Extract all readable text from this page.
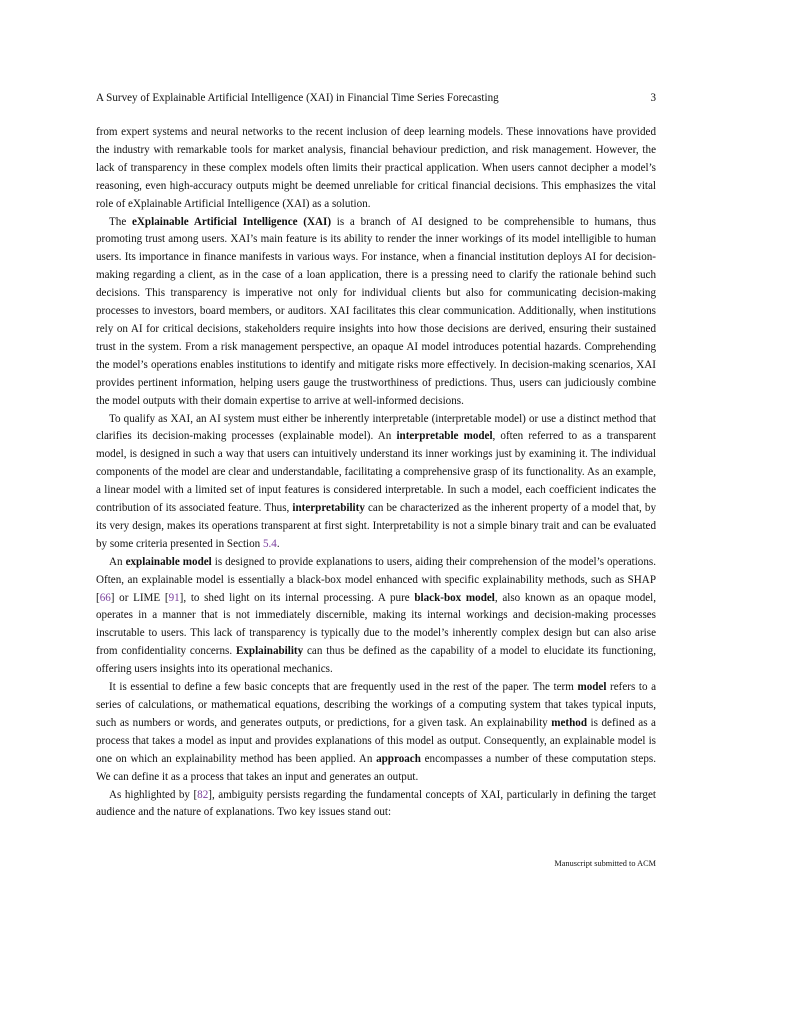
A Survey of Explainable Artificial Intelligence (XAI) in Financial Time Series Forecasting	3

from expert systems and neural networks to the recent inclusion of deep learning models. These innovations have provided the industry with remarkable tools for market analysis, financial behaviour prediction, and risk management. However, the lack of transparency in these complex models often limits their practical application. When users cannot decipher a model’s reasoning, even high-accuracy outputs might be deemed unreliable for critical financial decisions. This emphasizes the vital role of eXplainable Artificial Intelligence (XAI) as a solution.

The eXplainable Artificial Intelligence (XAI) is a branch of AI designed to be comprehensible to humans, thus promoting trust among users. XAI’s main feature is its ability to render the inner workings of its model intelligible to human users. Its importance in finance manifests in various ways. For instance, when a financial institution deploys AI for decision-making regarding a client, as in the case of a loan application, there is a pressing need to clarify the rationale behind such decisions. This transparency is imperative not only for individual clients but also for communicating decision-making processes to investors, board members, or auditors. XAI facilitates this clear communication. Additionally, when institutions rely on AI for critical decisions, stakeholders require insights into how those decisions are derived, ensuring their sustained trust in the system. From a risk management perspective, an opaque AI model introduces potential hazards. Comprehending the model’s operations enables institutions to identify and mitigate risks more effectively. In decision-making scenarios, XAI provides pertinent information, helping users gauge the trustworthiness of predictions. Thus, users can judiciously combine the model outputs with their domain expertise to arrive at well-informed decisions.

To qualify as XAI, an AI system must either be inherently interpretable (interpretable model) or use a distinct method that clarifies its decision-making processes (explainable model). An interpretable model, often referred to as a transparent model, is designed in such a way that users can intuitively understand its inner workings just by examining it. The individual components of the model are clear and understandable, facilitating a comprehensive grasp of its functionality. As an example, a linear model with a limited set of input features is considered interpretable. In such a model, each coefficient indicates the contribution of its associated feature. Thus, interpretability can be characterized as the inherent property of a model that, by its very design, makes its operations transparent at first sight. Interpretability is not a simple binary trait and can be evaluated by some criteria presented in Section 5.4.

An explainable model is designed to provide explanations to users, aiding their comprehension of the model’s operations. Often, an explainable model is essentially a black-box model enhanced with specific explainability methods, such as SHAP [66] or LIME [91], to shed light on its internal processing. A pure black-box model, also known as an opaque model, operates in a manner that is not immediately discernible, making its internal workings and decision-making processes inscrutable to users. This lack of transparency is typically due to the model’s inherently complex design but can also arise from confidentiality concerns. Explainability can thus be defined as the capability of a model to elucidate its functioning, offering users insights into its operational mechanics.

It is essential to define a few basic concepts that are frequently used in the rest of the paper. The term model refers to a series of calculations, or mathematical equations, describing the workings of a computing system that takes typical inputs, such as numbers or words, and generates outputs, or predictions, for a given task. An explainability method is defined as a process that takes a model as input and provides explanations of this model as output. Consequently, an explainable model is one on which an explainability method has been applied. An approach encompasses a number of these computation steps. We can define it as a process that takes an input and generates an output.

As highlighted by [82], ambiguity persists regarding the fundamental concepts of XAI, particularly in defining the target audience and the nature of explanations. Two key issues stand out:

Manuscript submitted to ACM
